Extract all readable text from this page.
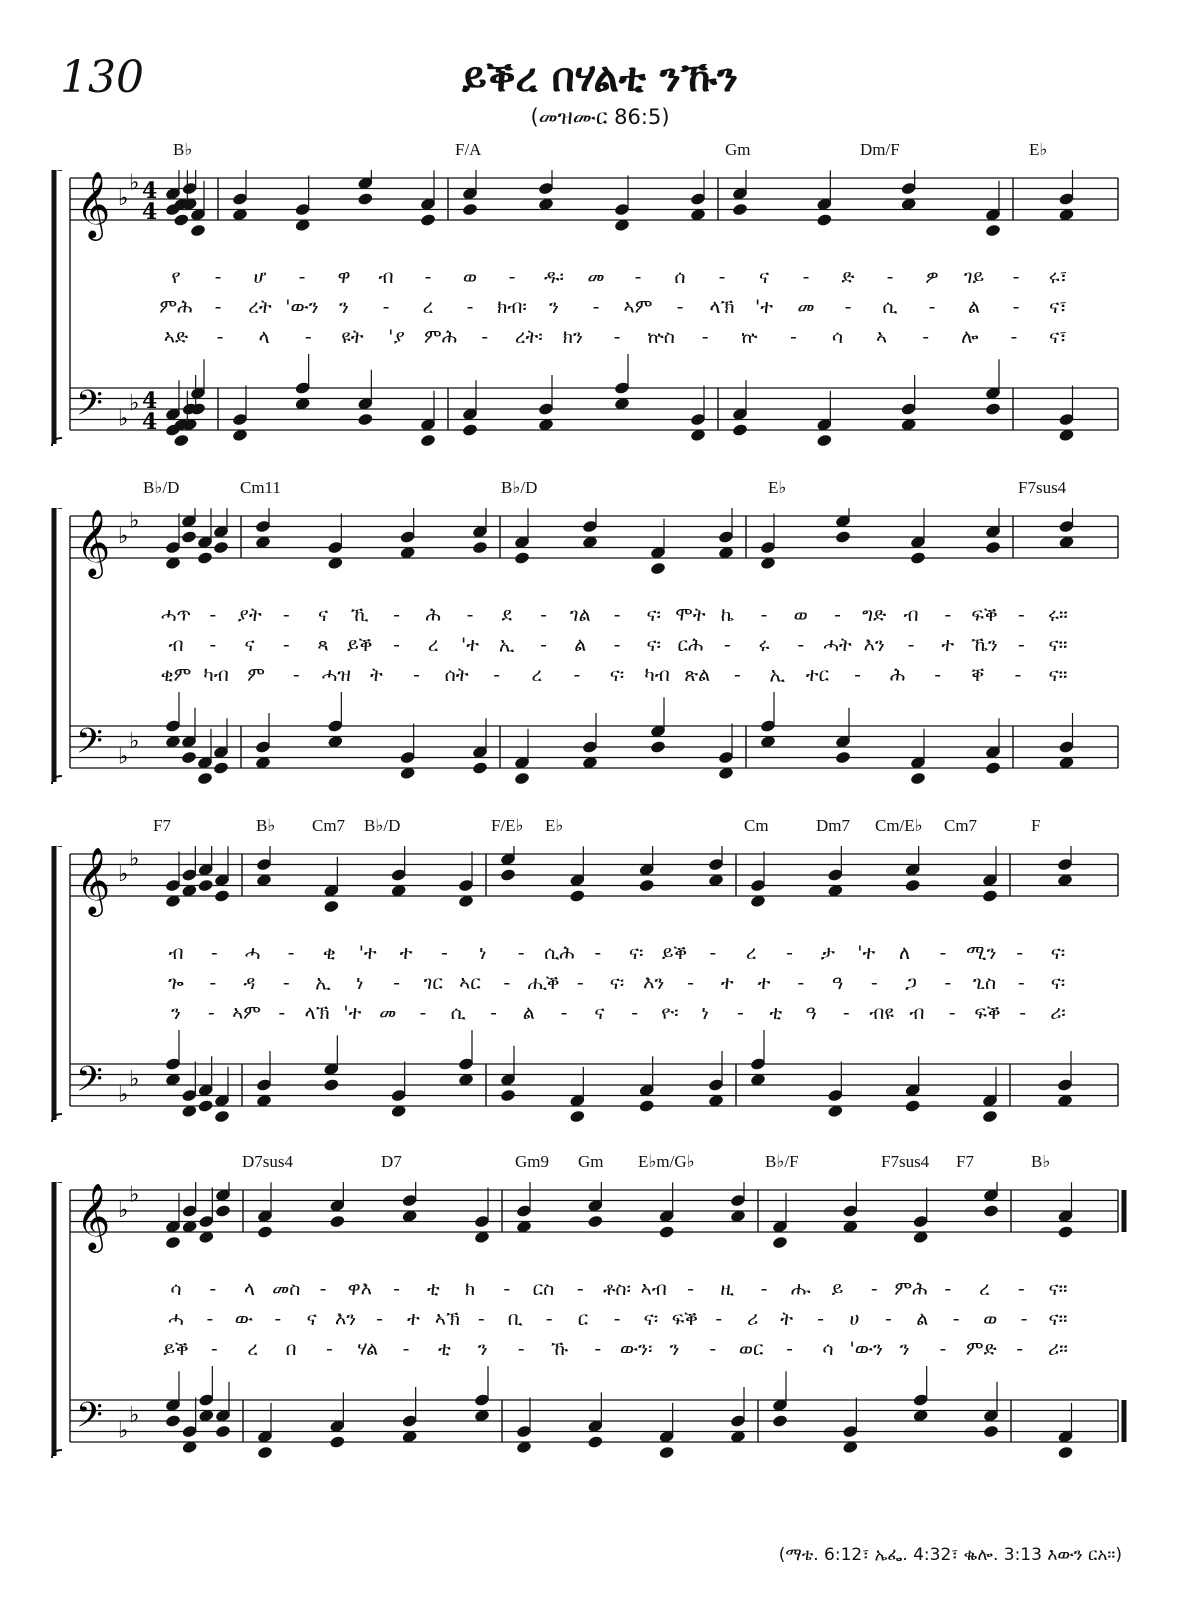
130	ይቕረ በሃልቲ ንኹን
(መዝሙር 86:5)
B♭	F/A	Gm	Dm/F	E♭
𝄞
𝄢
♭
♭
♭
♭
4
4
4
4
የ - ሆ - ዋ ብ - ወ - ዱ፡ መ - ሰ - ና - ድ - ዎ ገይ - ሩ፣
ምሕ - ረት 'ውን ን - ረ - ክብ፡ ን - ኣም - ላኽ 'ተ መ - ሲ - ል - ና፣
ኣድ - ላ - ዩት 'ያ ምሕ - ረት፡ ክን - ኵስ - ኵ - ሳ ኣ - ሎ - ና፣
B♭/D	Cm11	B♭/D	E♭	F7sus4
𝄞
𝄢
♭
♭
♭
♭
ሓጥ - ያት - ና ኺ - ሕ - ደ - ገል - ና፡ ሞት ኬ - ወ - ግድ ብ - ፍቕ - ሩ።
ብ - ና - ጻ ይቕ - ረ 'ተ ኢ - ል - ና፡ ርሕ - ሩ - ሓት እን - ተ ኼን - ና።
ቂም ካብ ም - ሓዝ ት - ሰት - ረ - ና፡ ካብ ጽል - ኢ ተር - ሕ - ቐ - ና።
F7	B♭ Cm7 B♭/D	F/E♭ E♭	Cm	Dm7 Cm/E♭ Cm7	F
𝄞
𝄢
♭
♭
♭
♭
ብ - ሓ - ቂ 'ተ ተ - ነ - ሲሕ - ና፡ ይቕ - ረ - ታ 'ተ ለ - ሚን - ና፡
ጐ - ዳ - ኢ ነ - ገር ኣር - ሒቕ - ና፡ እን - ተ ተ - ዓ - ጋ - ጊስ - ና፡
ን - ኣም - ላኽ 'ተ መ - ሲ - ል - ና - ዮ፡ ነ - ቲ ዓ - ብዩ ብ - ፍቕ - ሪ፡
D7sus4	D7	Gm9 Gm E♭m/G♭	B♭/F	F7sus4 F7	B♭
𝄞
𝄢
♭
♭
♭
♭
ሳ - ላ መስ - ዋእ - ቲ ክ - ርስ - ቶስ፡ ኣብ - ዚ - ሑ ይ - ምሕ - ረ - ና።
ሓ - ው - ና እን - ተ ኣኽ - ቢ - ር - ና፡ ፍቕ - ሪ ት - ሀ - ል - ወ - ና።
ይቕ - ረ በ - ሃል - ቲ ን - ኹ - ውን፡ ን - ወር - ሳ 'ውን ን - ምድ - ሪ።
(ማቴ. 6:12፣ ኤፌ. 4:32፣ ቈሎ. 3:13 እውን ርአ።)
